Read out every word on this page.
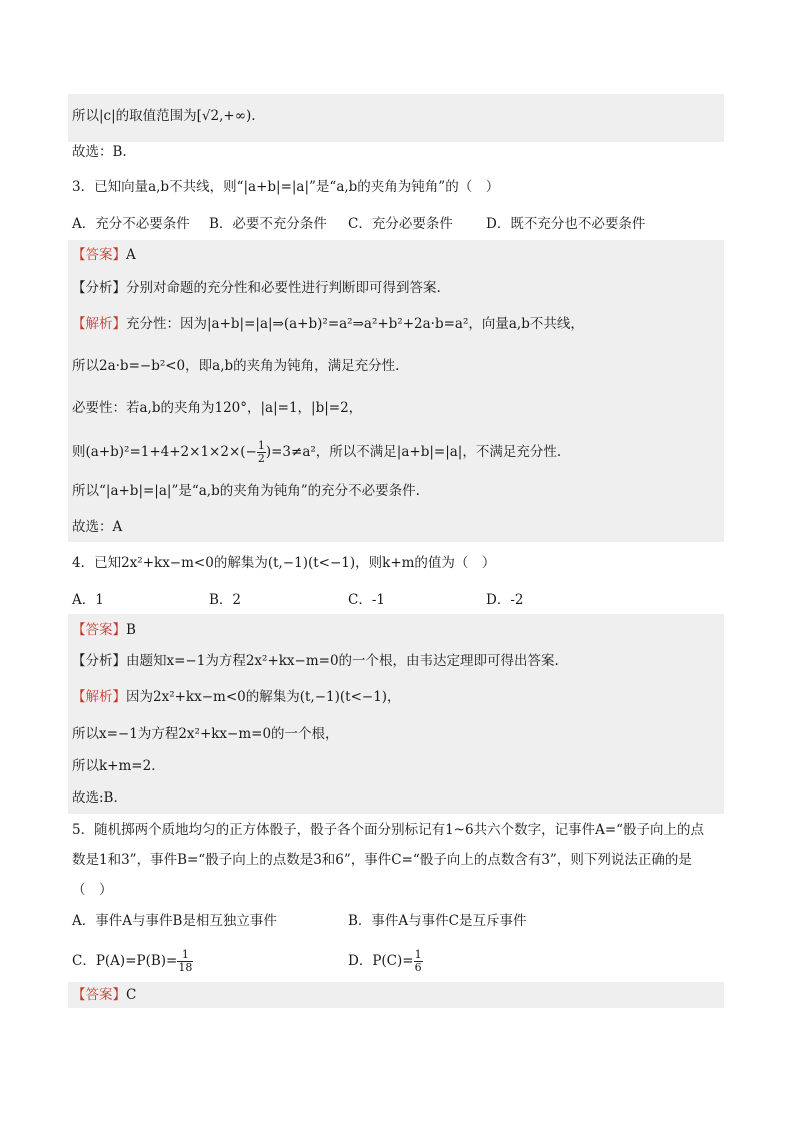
所以|c|的取值范围为[√2,+∞).
故选：B.
3．已知向量a,b不共线，则“|a+b|=|a|”是“a,b的夹角为钝角”的（　）
A．充分不必要条件 B．必要不充分条件 C．充分必要条件 D．既不充分也不必要条件
【答案】A
【分析】分别对命题的充分性和必要性进行判断即可得到答案.
【解析】充分性：因为|a+b|=|a|⇒(a+b)²=a²⇒a²+b²+2a·b=a²，向量a,b不共线，
所以2a·b=−b²<0，即a,b的夹角为钝角，满足充分性.
必要性：若a,b的夹角为120°，|a|=1，|b|=2，
则$(a+b)^2=1+4+2\times 1\times 2\times(- \frac{1}{2} )=3\ne a^2$，所以不满足|a+b|=|a|，不满足充分性.
所以“|a+b|=|a|”是“a,b的夹角为钝角”的充分不必要条件.
故选：A
4．已知2x²+kx−m<0的解集为(t,−1)(t<−1)，则k+m的值为（　）
A．1	B．2	C．-1	D．-2
【答案】B
【分析】由题知x=−1为方程2x²+kx−m=0的一个根，由韦达定理即可得出答案.
【解析】因为2x²+kx−m<0的解集为(t,−1)(t<−1)，
所以x=−1为方程2x²+kx−m=0的一个根，
所以k+m=2．
故选:B．
5．随机掷两个质地均匀的正方体骰子，骰子各个面分别标记有1~6共六个数字，记事件A=“骰子向上的点
数是1和3”，事件B=“骰子向上的点数是3和6”，事件C=“骰子向上的点数含有3”，则下列说法正确的是
（　）
A．事件A与事件B是相互独立事件	B．事件A与事件C是互斥事件
C．$P(A)=P(B)= \frac{1}{18}$	D．$P(C)= \frac{1}{6}$
【答案】C
